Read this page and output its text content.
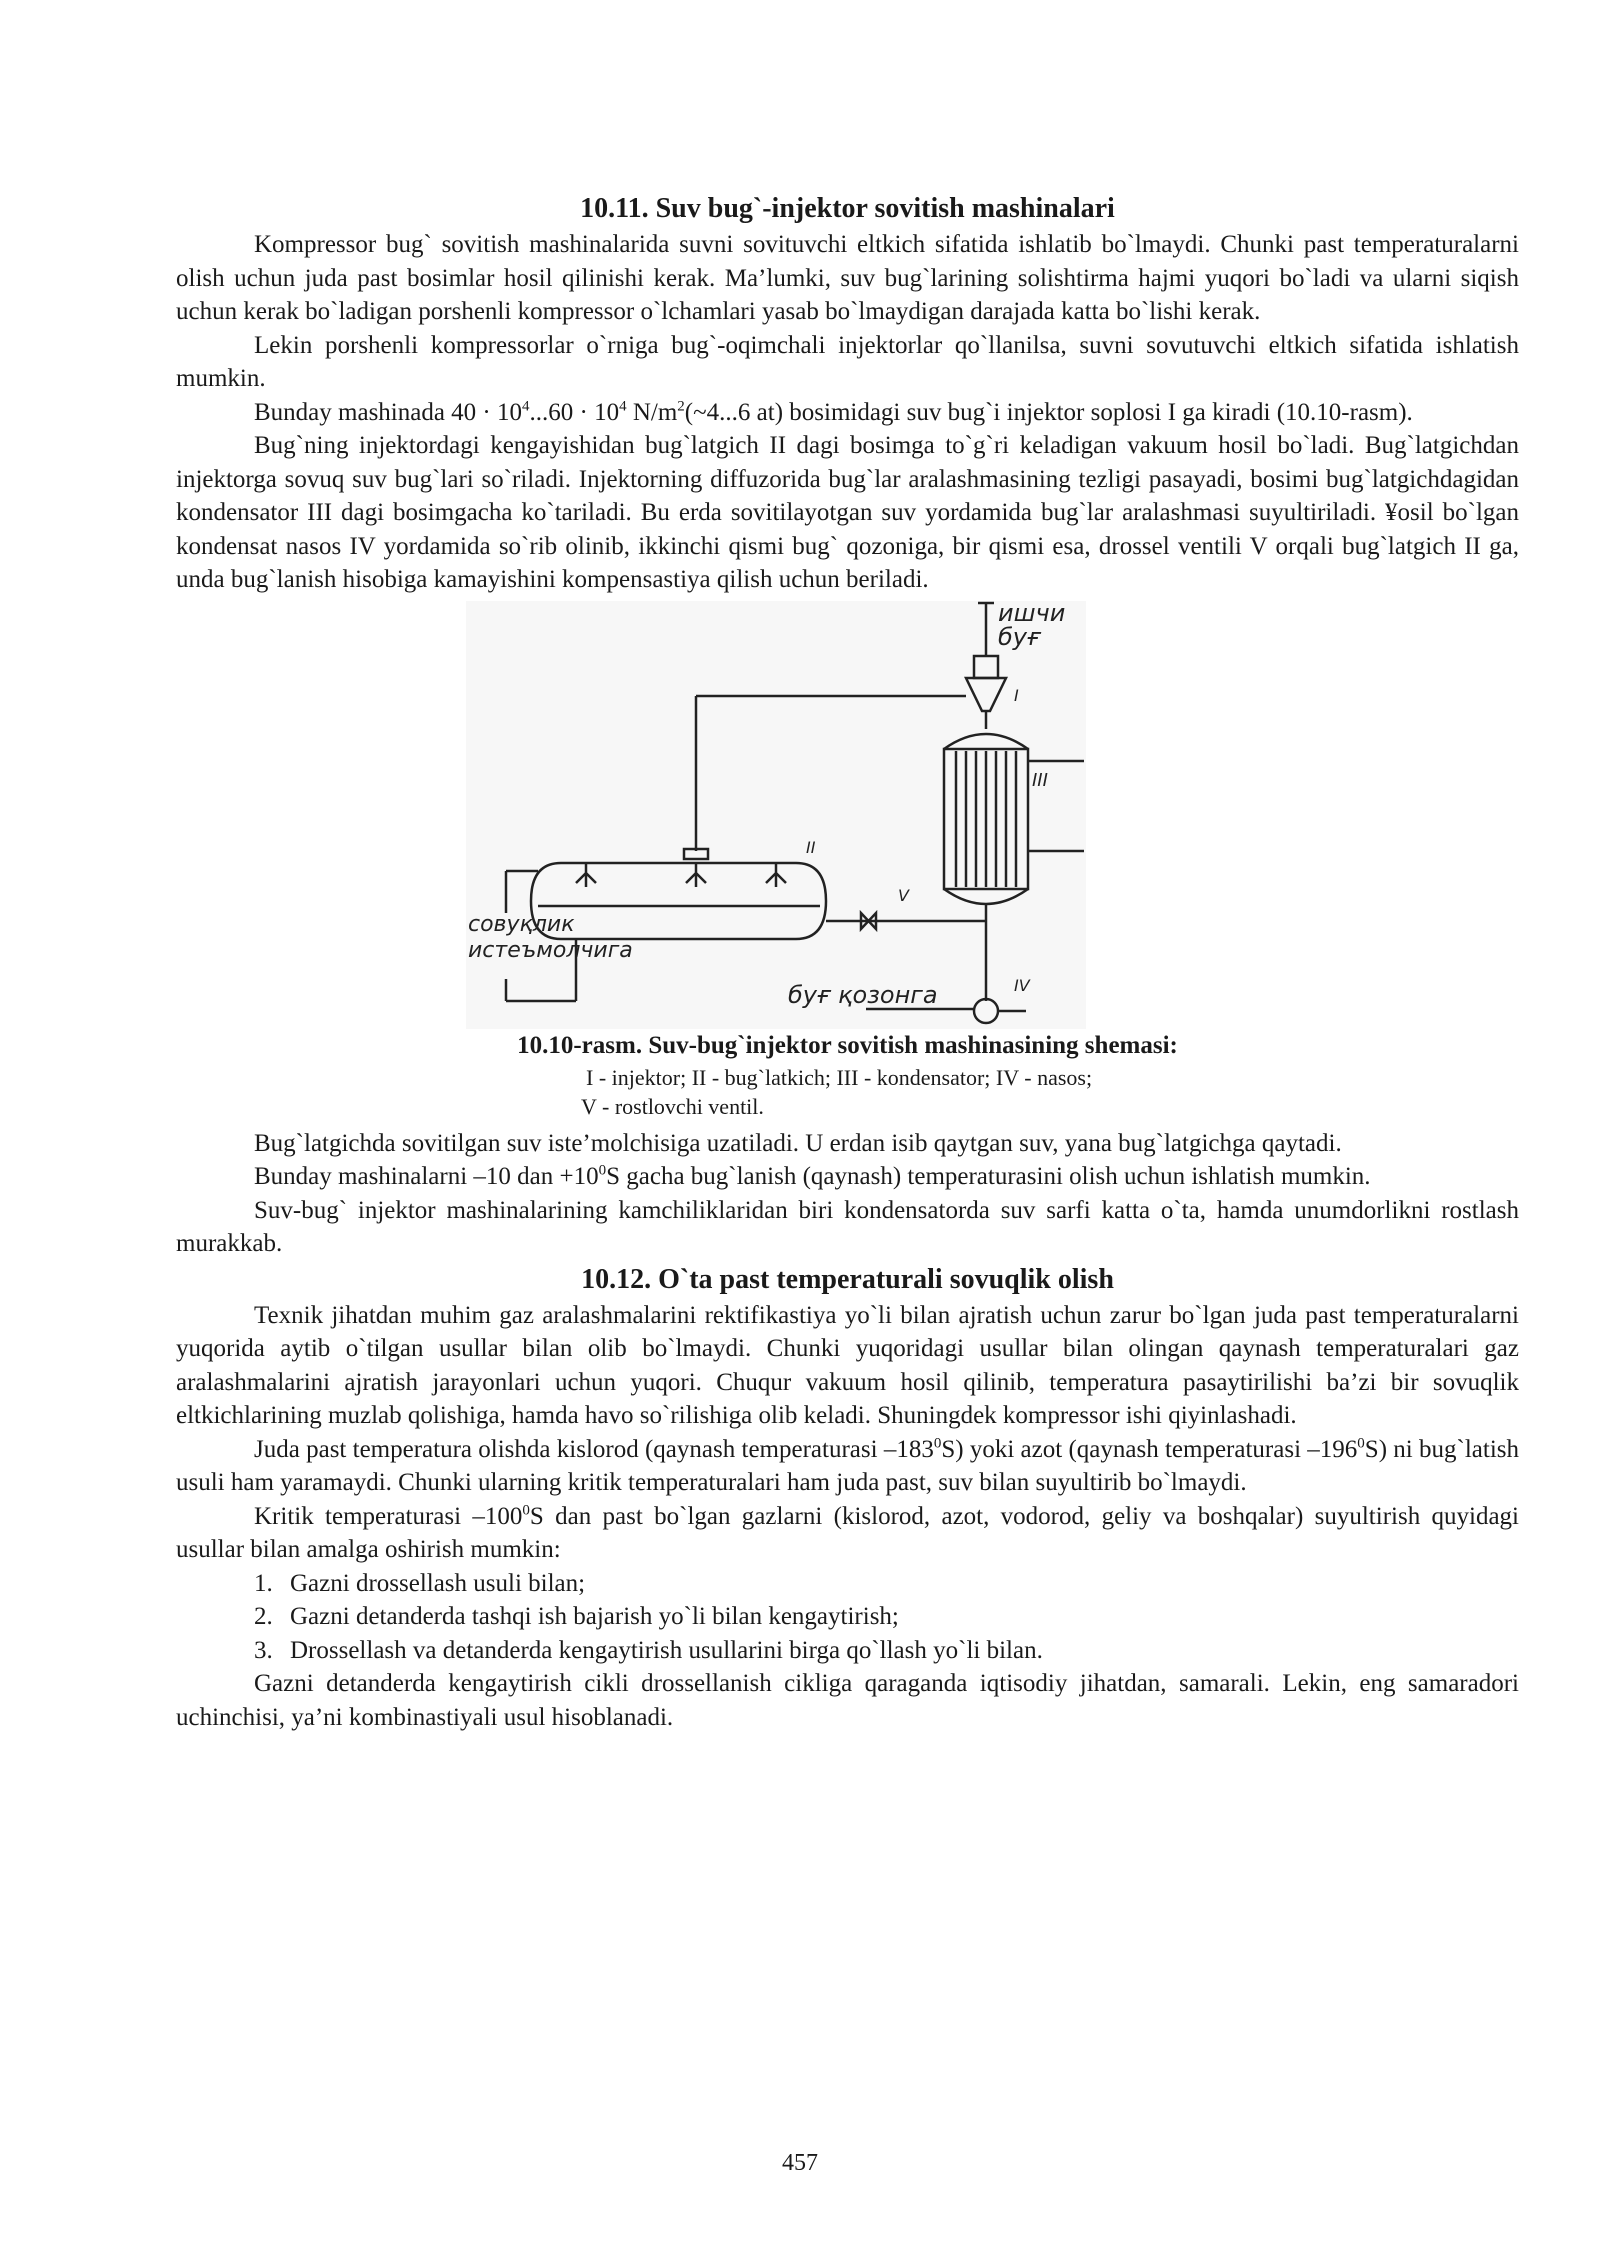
10.11. Suv bug`-injektor sovitish mashinalari

Kompressor bug` sovitish mashinalarida suvni sovituvchi eltkich sifatida ishlatib bo`lmaydi. Chunki past temperaturalarni olish uchun juda past bosimlar hosil qilinishi kerak. Ma’lumki, suv bug`larining solishtirma hajmi yuqori bo`ladi va ularni siqish uchun kerak bo`ladigan porshenli kompressor o`lchamlari yasab bo`lmaydigan darajada katta bo`lishi kerak.

Lekin porshenli kompressorlar o`rniga bug`-oqimchali injektorlar qo`llanilsa, suvni sovutuvchi eltkich sifatida ishlatish mumkin.

Bunday mashinada $40 \cdot 10^4...60 \cdot 10^4$ $N/m^2(\sim 4...6$ at) bosimidagi suv bug`i injektor soplosi I ga kiradi (10.10-rasm).

Bug`ning injektordagi kengayishidan bug`latgich II dagi bosimga to`g`ri keladigan vakuum hosil bo`ladi. Bug`latgichdan injektorga sovuq suv bug`lari so`riladi. Injektorning diffuzorida bug`lar aralashmasining tezligi pasayadi, bosimi bug`latgichdagidan kondensator III dagi bosimgacha ko`tariladi. Bu erda sovitilayotgan suv yordamida bug`lar aralashmasi suyultiriladi. ¥osil bo`lgan kondensat nasos IV yordamida so`rib olinib, ikkinchi qismi bug` qozoniga, bir qismi esa, drossel ventili V orqali bug`latgich II ga, unda bug`lanish hisobiga kamayishini kompensastiya qilish uchun beriladi.

ишчи
буғ
I
III
II
V
IV
совуқлик
истеъмолчига
буғ қозонга

10.10-rasm. Suv-bug`injektor sovitish mashinasining shemasi:

I - injektor; II - bug`latkich; III - kondensator; IV - nasos;

V - rostlovchi ventil.

Bug`latgichda sovitilgan suv iste’molchisiga uzatiladi. U erdan isib qaytgan suv, yana bug`latgichga qaytadi.

Bunday mashinalarni –10 dan $+10^0S$ gacha bug`lanish (qaynash) temperaturasini olish uchun ishlatish mumkin.

Suv-bug` injektor mashinalarining kamchiliklaridan biri kondensatorda suv sarfi katta o`ta, hamda unumdorlikni rostlash murakkab.

10.12. O`ta past temperaturali sovuqlik olish

Texnik jihatdan muhim gaz aralashmalarini rektifikastiya yo`li bilan ajratish uchun zarur bo`lgan juda past temperaturalarni yuqorida aytib o`tilgan usullar bilan olib bo`lmaydi. Chunki yuqoridagi usullar bilan olingan qaynash temperaturalari gaz aralashmalarini ajratish jarayonlari uchun yuqori. Chuqur vakuum hosil qilinib, temperatura pasaytirilishi ba’zi bir sovuqlik eltkichlarining muzlab qolishiga, hamda havo so`rilishiga olib keladi. Shuningdek kompressor ishi qiyinlashadi.

Juda past temperatura olishda kislorod (qaynash temperaturasi $-183^0S$) yoki azot (qaynash temperaturasi $-196^0S$) ni bug`latish usuli ham yaramaydi. Chunki ularning kritik temperaturalari ham juda past, suv bilan suyultirib bo`lmaydi.

Kritik temperaturasi $-100^0S$ dan past bo`lgan gazlarni (kislorod, azot, vodorod, geliy va boshqalar) suyultirish quyidagi usullar bilan amalga oshirish mumkin:

1. Gazni drossellash usuli bilan;
2. Gazni detanderda tashqi ish bajarish yo`li bilan kengaytirish;
3. Drossellash va detanderda kengaytirish usullarini birga qo`llash yo`li bilan.

Gazni detanderda kengaytirish cikli drossellanish cikliga qaraganda iqtisodiy jihatdan, samarali. Lekin, eng samaradori uchinchisi, ya’ni kombinastiyali usul hisoblanadi.

457
